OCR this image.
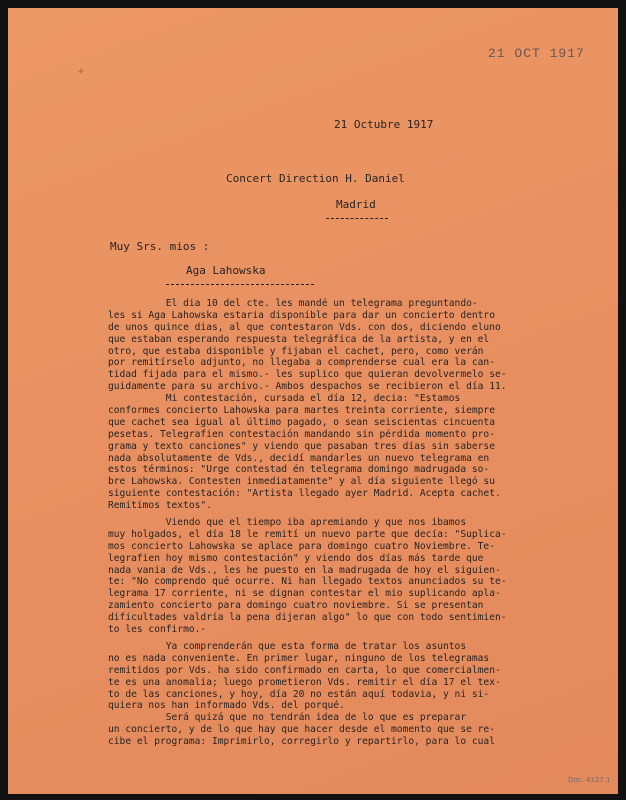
21 OCT 1917
21 Octubre 1917
Concert Direction H. Daniel
Madrid
Muy Srs. mios :
Aga Lahowska
El dia 10 del cte. les mandé un telegrama preguntando-
les si Aga Lahowska estaria disponible para dar un concierto dentro
de unos quince dias, al que contestaron Vds. con dos, diciendo eluno
que estaban esperando respuesta telegráfica de la artista, y en el
otro, que estaba disponible y fijaban el cachet, pero, como verán
por remitírselo adjunto, no llegaba a comprenderse cual era la can-
tidad fijada para el mismo.- les suplico que quieran devolvermelo se-
guidamente para su archivo.- Ambos despachos se recibieron el día 11.
Mi contestación, cursada el día 12, decia: "Estamos
conformes concierto Lahowska para martes treinta corriente, siempre
que cachet sea igual al último pagado, o sean seiscientas cincuenta
pesetas. Telegrafien contestación mandando sin pérdida momento pro-
grama y texto canciones" y viendo que pasaban tres días sin saberse
nada absolutamente de Vds., decidí mandarles un nuevo telegrama en
estos términos: "Urge contestad én telegrama domingo madrugada so-
bre Lahowska. Contesten inmediatamente" y al día siguiente llegó su
siguiente contestación: "Artista llegado ayer Madrid. Acepta cachet.
Remitimos textos".
Viendo que el tiempo iba apremiando y que nos ibamos
muy holgados, el día 18 le remití un nuevo parte que decía: "Suplica-
mos concierto Lahowska se aplace para domingo cuatro Noviembre. Te-
legrafien hoy mismo contestación" y viendo dos días más tarde que
nada vania de Vds., les he puesto en la madrugada de hoy el siguien-
te: "No comprendo qué ocurre. Ni han llegado textos anunciados su te-
legrama 17 corriente, ni se dignan contestar el mio suplicando apla-
zamiento concierto para domingo cuatro noviembre. Si se presentan
dificultades valdría la pena dijeran algo" lo que con todo sentimien-
to les confirmo.-
Ya comprenderán que esta forma de tratar los asuntos
no es nada conveniente. En primer lugar, ninguno de los telegramas
remitidos por Vds. ha sido confirmado en carta, lo que comercialmen-
te es una anomalia; luego prometieron Vds. remitir el día 17 el tex-
to de las canciones, y hoy, día 20 no están aquí todavia, y ni si-
quiera nos han informado Vds. del porqué.
Será quizá que no tendrán idea de lo que es preparar
un concierto, y de lo que hay que hacer desde el momento que se re-
cibe el programa: Imprimirlo, corregirlo y repartirlo, para lo cual
Doc. 4127.1
